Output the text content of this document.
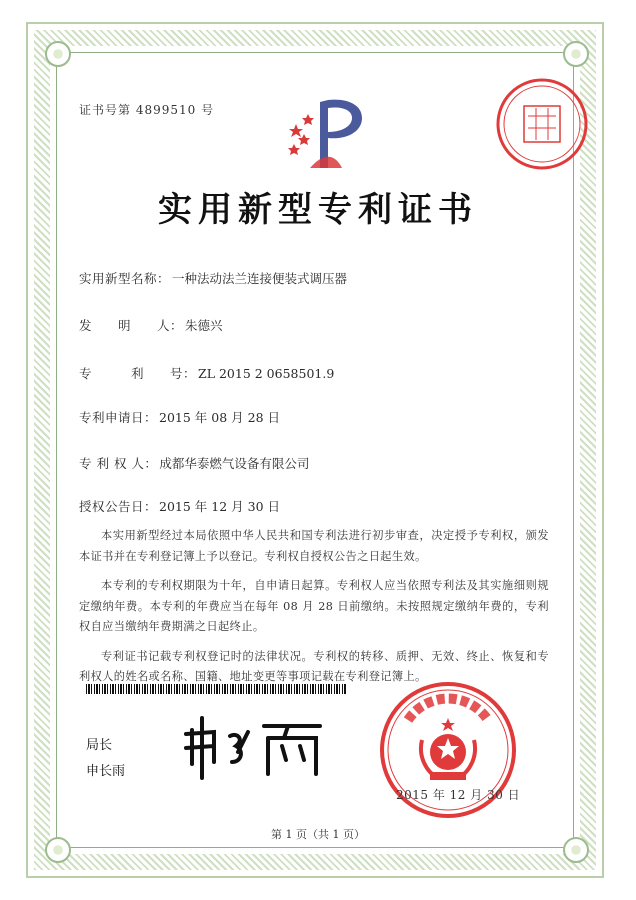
证书号第 4899510 号
实用新型专利证书
实用新型名称： 一种法动法兰连接便装式调压器
发　　明　　人： 朱德兴
专　　　利　　号： ZL 2015 2 0658501.9
专利申请日： 2015 年 08 月 28 日
专 利 权 人： 成都华泰燃气设备有限公司
授权公告日： 2015 年 12 月 30 日

本实用新型经过本局依照中华人民共和国专利法进行初步审查，决定授予专利权，颁发本证书并在专利登记簿上予以登记。专利权自授权公告之日起生效。

本专利的专利权期限为十年，自申请日起算。专利权人应当依照专利法及其实施细则规定缴纳年费。本专利的年费应当在每年 08 月 28 日前缴纳。未按照规定缴纳年费的，专利权自应当缴纳年费期满之日起终止。

专利证书记载专利权登记时的法律状况。专利权的转移、质押、无效、终止、恢复和专利权人的姓名或名称、国籍、地址变更等事项记载在专利登记簿上。

局长
申长雨
2015 年 12 月 30 日
第 1 页（共 1 页）
